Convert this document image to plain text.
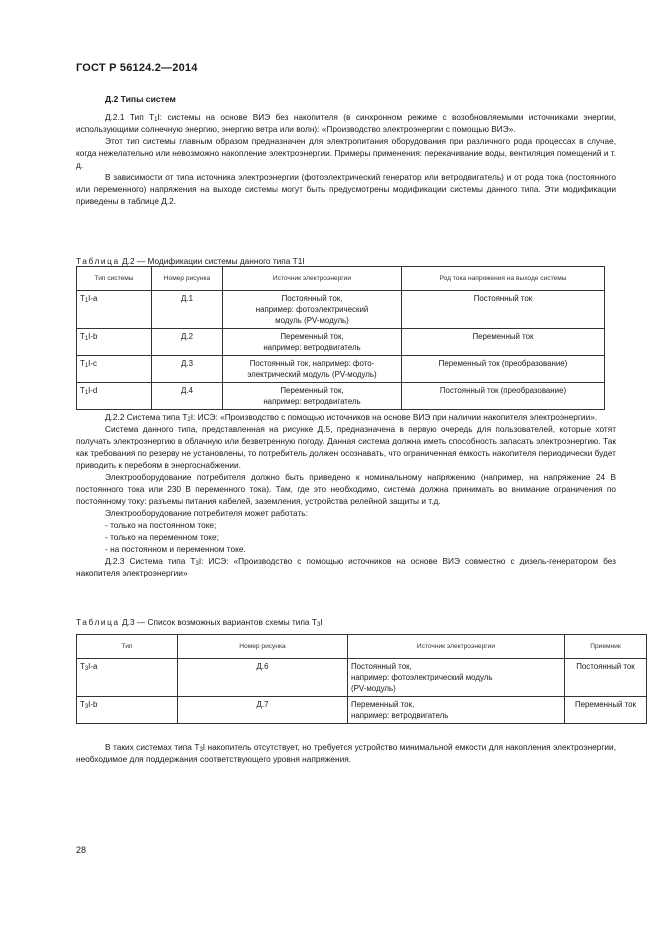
ГОСТ Р 56124.2—2014
Д.2 Типы систем

Д.2.1 Тип $T_1I$: системы на основе ВИЭ без накопителя (в синхронном режиме с возобновляемыми источниками энергии, использующими солнечную энергию, энергию ветра или волн): «Производство электроэнергии с помощью ВИЭ».

Этот тип системы главным образом предназначен для электропитания оборудования при различного рода процессах в случае, когда нежелательно или невозможно накопление электроэнергии. Примеры применения: перекачивание воды, вентиляция помещений и т. д.

В зависимости от типа источника электроэнергии (фотоэлектрический генератор или ветродвигатель) и от рода тока (постоянного или переменного) напряжения на выходе системы могут быть предусмотрены модификации системы данного типа. Эти модификации приведены в таблице Д.2.

Таблица Д.2 — Модификации системы данного типа T1I

Тип системы	Номер рисунка	Источник электроэнергии	Род тока напряжения на выходе системы
$T_1I-a$	Д.1	Постоянный ток,
например: фотоэлектрический
модуль (PV-модуль)	Постоянный ток
$T_1I-b$	Д.2	Переменный ток,
например: ветродвигатель	Переменный ток
$T_1I-c$	Д.3	Постоянный ток, например: фото-
электрический модуль (PV-модуль)	Переменный ток (преобразование)
$T_1I-d$	Д.4	Переменный ток,
например: ветродвигатель	Постоянный ток (преобразование)

Д.2.2 Система типа $T_2I$: ИСЭ: «Производство с помощью источников на основе ВИЭ при наличии накопителя электроэнергии».

Система данного типа, представленная на рисунке Д.5, предназначена в первую очередь для пользователей, которые хотят получать электроэнергию в облачную или безветренную погоду. Данная система должна иметь способность запасать электроэнергию. Так как требования по резерву не установлены, то потребитель должен осознавать, что ограниченная емкость накопителя периодически будет приводить к перебоям в энергоснабжении.

Электрооборудование потребителя должно быть приведено к номинальному напряжению (например, на напряжение 24 В постоянного тока или 230 В переменного тока). Там, где это необходимо, система должна принимать во внимание ограничения по постоянному току: разъемы питания кабелей, заземления, устройства релейной защиты и т.д.

Электрооборудование потребителя может работать:

- только на постоянном токе;

- только на переменном токе;

- на постоянном и переменном токе.

Д.2.3 Система типа $T_3I$: ИСЭ: «Производство с помощью источников на основе ВИЭ совместно с дизель-генератором без накопителя электроэнергии»

Таблица Д.3 — Список возможных вариантов схемы типа $T_3I$

Тип	Номер рисунка	Источник электроэнергии	Приемник
$T_3I-a$	Д.6	Постоянный ток,
например: фотоэлектрический модуль
(PV-модуль)	Постоянный ток
$T_3I-b$	Д.7	Переменный ток,
например: ветродвигатель	Переменный ток

В таких системах типа $T_3I$ накопитель отсутствует, но требуется устройство минимальной емкости для накопления электроэнергии, необходимое для поддержания соответствующего уровня напряжения.

28
